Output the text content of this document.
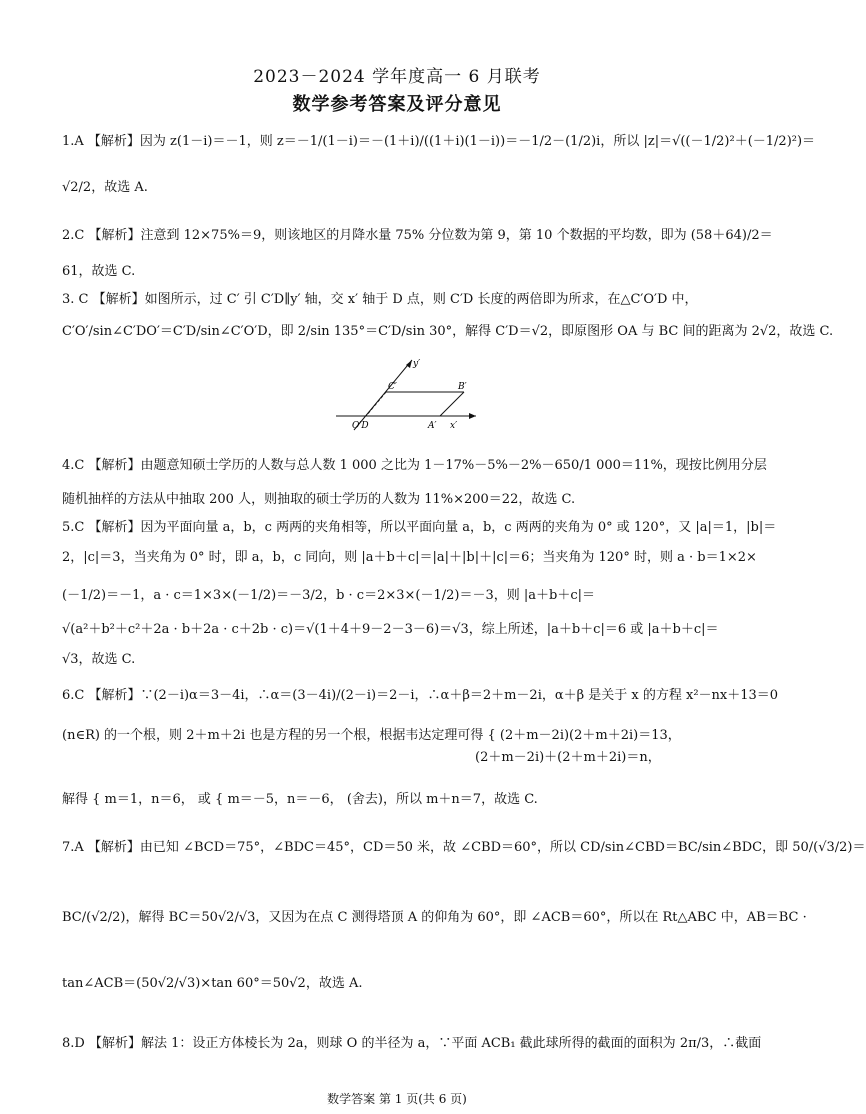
2023－2024 学年度高一 6 月联考
数学参考答案及评分意见
1.A 【解析】因为 z(1－i)＝－1，则 z＝－1/(1－i)＝－(1＋i)/((1＋i)(1－i))＝－1/2－(1/2)i，所以 |z|＝√((－1/2)²＋(－1/2)²)＝
√2/2，故选 A.
2.C 【解析】注意到 12×75%＝9，则该地区的月降水量 75% 分位数为第 9，第 10 个数据的平均数，即为 (58＋64)/2＝
61，故选 C.
3. C 【解析】如图所示，过 C′ 引 C′D∥y′ 轴，交 x′ 轴于 D 点，则 C′D 长度的两倍即为所求，在△C′O′D 中，
C′O′/sin∠C′DO′＝C′D/sin∠C′O′D，即 2/sin 135°＝C′D/sin 30°，解得 C′D＝√2，即原图形 OA 与 BC 间的距离为 2√2，故选 C.
y′
C′	B′
O′D	A′ x′
4.C 【解析】由题意知硕士学历的人数与总人数 1 000 之比为 1－17%－5%－2%－650/1 000＝11%，现按比例用分层
随机抽样的方法从中抽取 200 人，则抽取的硕士学历的人数为 11%×200＝22，故选 C.
5.C 【解析】因为平面向量 a，b，c 两两的夹角相等，所以平面向量 a，b，c 两两的夹角为 0° 或 120°，又 |a|＝1，|b|＝
2，|c|＝3，当夹角为 0° 时，即 a，b，c 同向，则 |a＋b＋c|＝|a|＋|b|＋|c|＝6；当夹角为 120° 时，则 a · b＝1×2×
(－1/2)＝－1，a · c＝1×3×(－1/2)＝－3/2，b · c＝2×3×(－1/2)＝－3，则 |a＋b＋c|＝
√(a²＋b²＋c²＋2a · b＋2a · c＋2b · c)＝√(1＋4＋9－2－3－6)＝√3，综上所述，|a＋b＋c|＝6 或 |a＋b＋c|＝
√3，故选 C.
6.C 【解析】∵(2－i)α＝3－4i，∴α＝(3－4i)/(2－i)＝2－i，∴α＋β＝2＋m－2i，α＋β 是关于 x 的方程 x²－nx＋13＝0
(n∈R) 的一个根，则 2＋m＋2i 也是方程的另一个根，根据韦达定理可得 { (2＋m－2i)(2＋m＋2i)＝13，
(2＋m－2i)＋(2＋m＋2i)＝n，
解得 { m＝1，n＝6， 或 { m＝－5，n＝－6， (舍去)，所以 m＋n＝7，故选 C.
7.A 【解析】由已知 ∠BCD＝75°，∠BDC＝45°，CD＝50 米，故 ∠CBD＝60°，所以 CD/sin∠CBD＝BC/sin∠BDC，即 50/(√3/2)＝
BC/(√2/2)，解得 BC＝50√2/√3，又因为在点 C 测得塔顶 A 的仰角为 60°，即 ∠ACB＝60°，所以在 Rt△ABC 中，AB＝BC ·
tan∠ACB＝(50√2/√3)×tan 60°＝50√2，故选 A.
8.D 【解析】解法 1：设正方体棱长为 2a，则球 O 的半径为 a，∵平面 ACB₁ 截此球所得的截面的面积为 2π/3，∴截面
数学答案 第 1 页(共 6 页)
